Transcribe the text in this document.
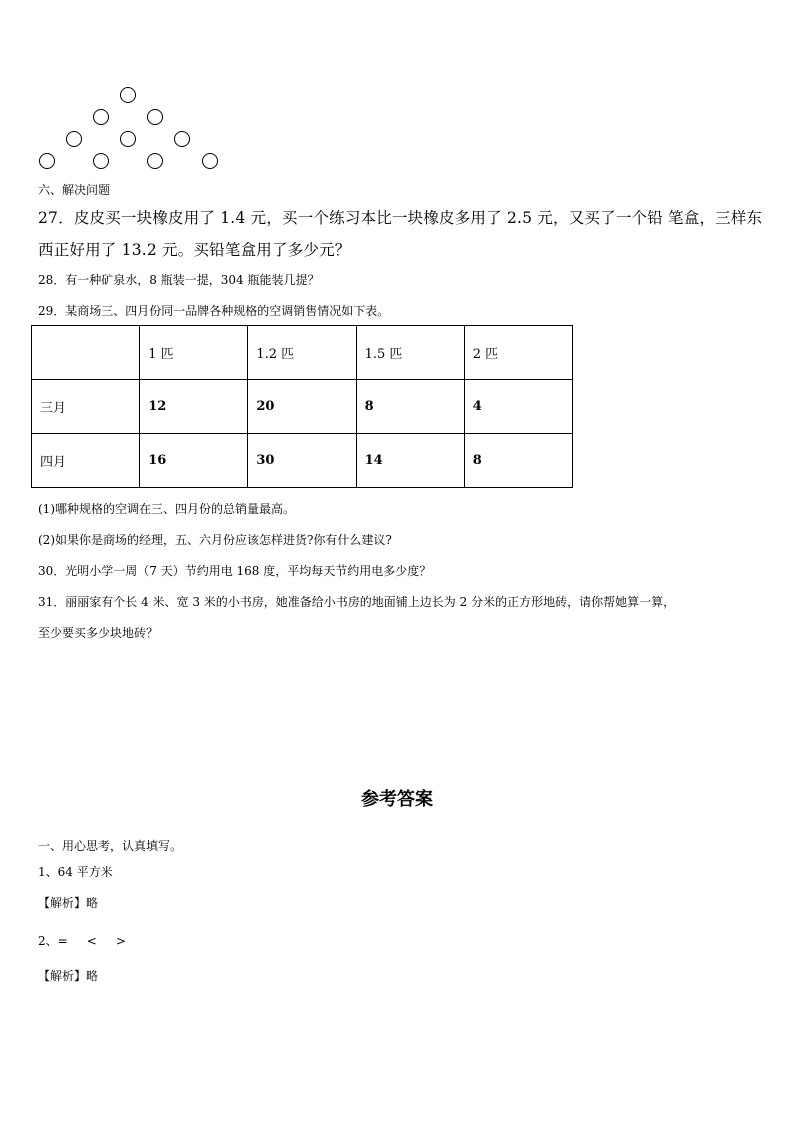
六、解决问题
27．皮皮买一块橡皮用了 1.4 元，买一个练习本比一块橡皮多用了 2.5 元，又买了一个铅 笔盒，三样东
西正好用了 13.2 元。买铅笔盒用了多少元？
28．有一种矿泉水，8 瓶装一提，304 瓶能装几提？
29．某商场三、四月份同一品牌各种规格的空调销售情况如下表。
	1 匹	1.2 匹	1.5 匹	2 匹
三月	12	20	8	4
四月	16	30	14	8
(1)哪种规格的空调在三、四月份的总销量最高。
(2)如果你是商场的经理，五、六月份应该怎样进货?你有什么建议?
30．光明小学一周（7 天）节约用电 168 度，平均每天节约用电多少度？
31．丽丽家有个长 4 米、宽 3 米的小书房，她准备给小书房的地面铺上边长为 2 分米的正方形地砖，请你帮她算一算，
至少要买多少块地砖？
参考答案
一、用心思考，认真填写。
1、64 平方米
【解析】略
2、=     <     >
【解析】略
